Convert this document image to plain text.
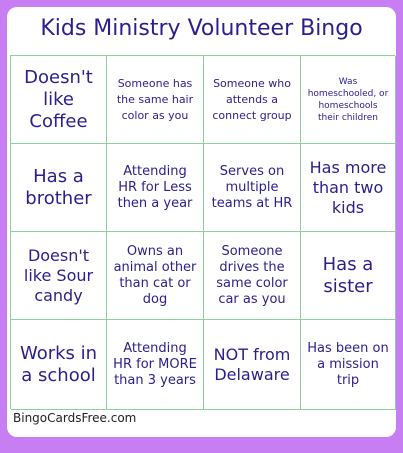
Kids Ministry Volunteer Bingo
Doesn't like Coffee
Someone has the same hair color as you
Someone who attends a connect group
Was homeschooled, or homeschools their children
Has a brother
Attending HR for Less then a year
Serves on multiple teams at HR
Has more than two kids
Doesn't like Sour candy
Owns an animal other than cat or dog
Someone drives the same color car as you
Has a sister
Works in a school
Attending HR for MORE than 3 years
NOT from Delaware
Has been on a mission trip
BingoCardsFree.com
